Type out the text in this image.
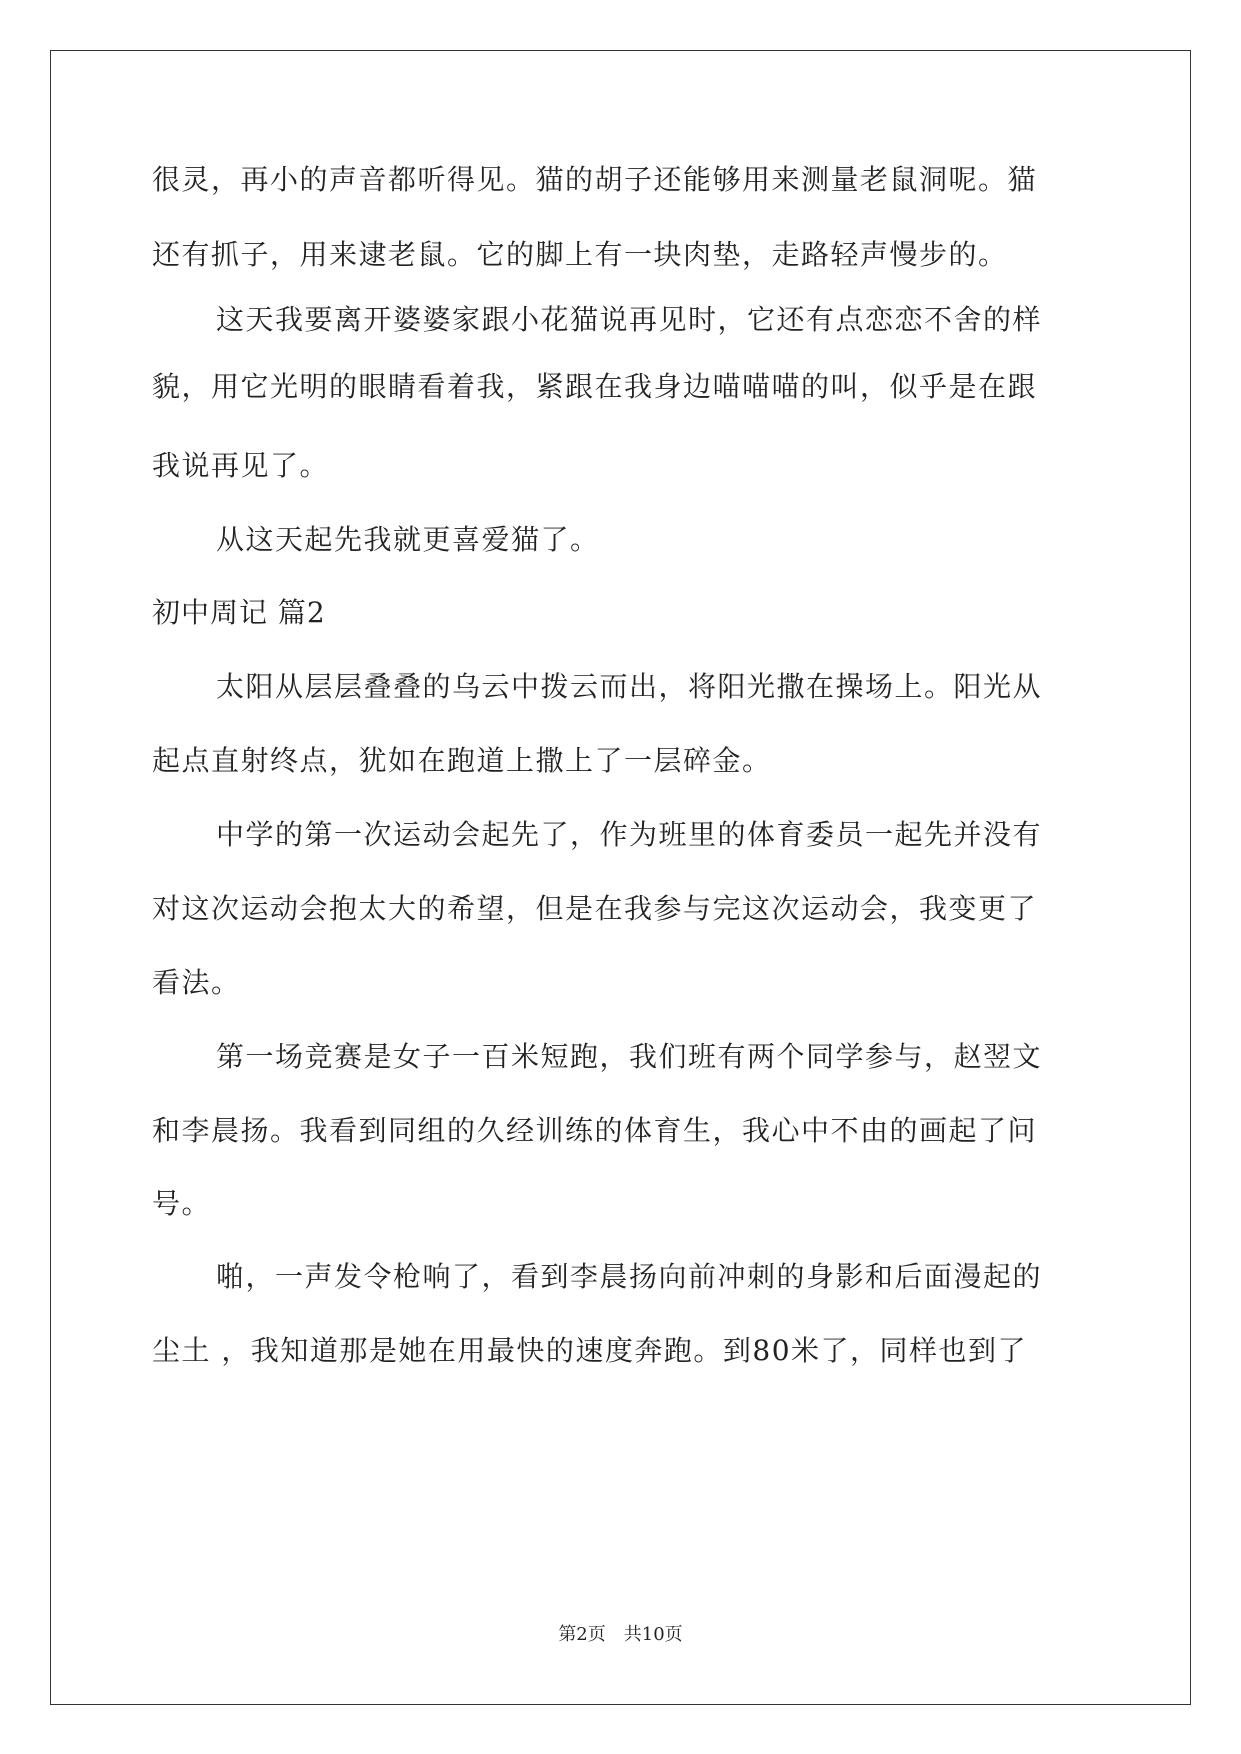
很灵，再小的声音都听得见。猫的胡子还能够用来测量老鼠洞呢。猫
还有抓子，用来逮老鼠。它的脚上有一块肉垫，走路轻声慢步的。
这天我要离开婆婆家跟小花猫说再见时，它还有点恋恋不舍的样
貌，用它光明的眼睛看着我，紧跟在我身边喵喵喵的叫，似乎是在跟
我说再见了。
从这天起先我就更喜爱猫了。
初中周记 篇2
太阳从层层叠叠的乌云中拨云而出，将阳光撒在操场上。阳光从
起点直射终点，犹如在跑道上撒上了一层碎金。
中学的第一次运动会起先了，作为班里的体育委员一起先并没有
对这次运动会抱太大的希望，但是在我参与完这次运动会，我变更了
看法。
第一场竞赛是女子一百米短跑，我们班有两个同学参与，赵翌文
和李晨扬。我看到同组的久经训练的体育生，我心中不由的画起了问
号。
啪，一声发令枪响了，看到李晨扬向前冲刺的身影和后面漫起的
尘土 ，我知道那是她在用最快的速度奔跑。到80米了，同样也到了
第2页 共10页
